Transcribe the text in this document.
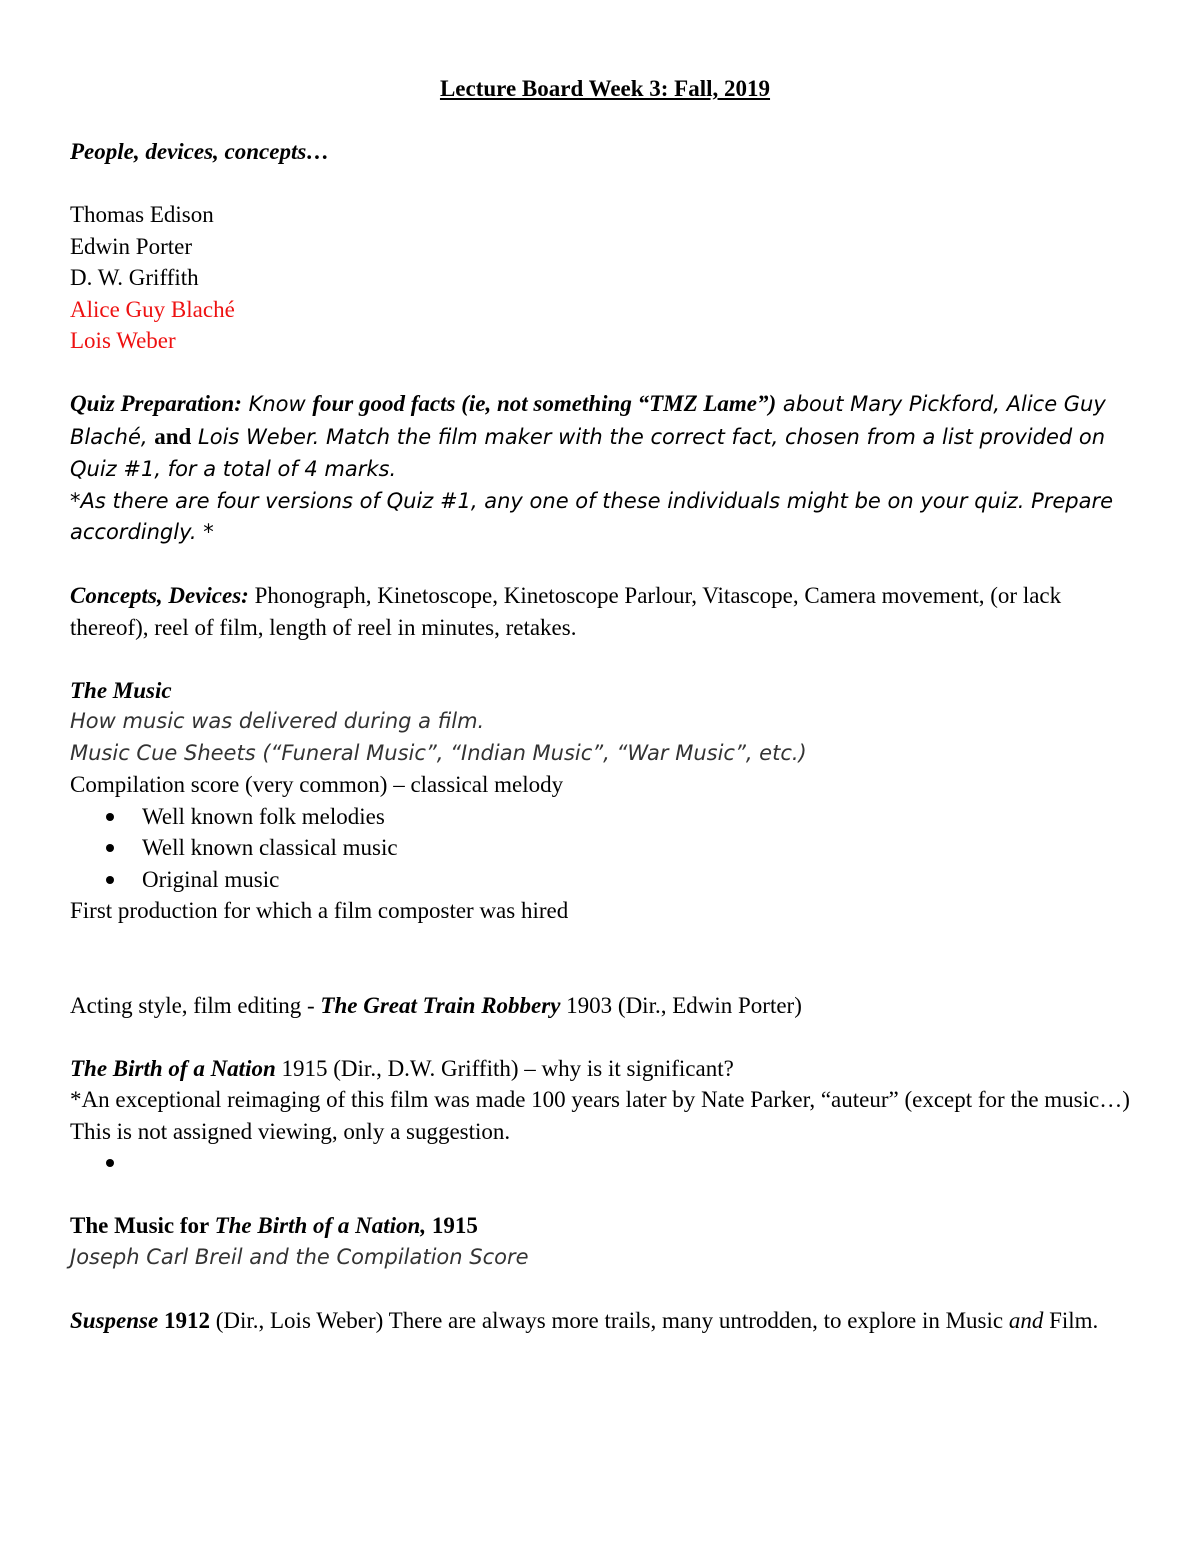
Lecture Board Week 3: Fall, 2019

People, devices, concepts…

Thomas Edison

Edwin Porter

D. W. Griffith

Alice Guy Blaché

Lois Weber

Quiz Preparation: Know four good facts (ie, not something “TMZ Lame”) about Mary Pickford, Alice Guy Blaché, and Lois Weber. Match the film maker with the correct fact, chosen from a list provided on Quiz #1, for a total of 4 marks.

*As there are four versions of Quiz #1, any one of these individuals might be on your quiz. Prepare accordingly. *

Concepts, Devices: Phonograph, Kinetoscope, Kinetoscope Parlour, Vitascope, Camera movement, (or lack thereof), reel of film, length of reel in minutes, retakes.

The Music

How music was delivered during a film.

Music Cue Sheets (“Funeral Music”, “Indian Music”, “War Music”, etc.)

Compilation score (very common) – classical melody

Well known folk melodies
Well known classical music
Original music

First production for which a film composter was hired

Acting style, film editing - The Great Train Robbery 1903 (Dir., Edwin Porter)

The Birth of a Nation 1915 (Dir., D.W. Griffith) – why is it significant?

*An exceptional reimaging of this film was made 100 years later by Nate Parker, “auteur” (except for the music…) This is not assigned viewing, only a suggestion.

The Music for The Birth of a Nation, 1915

Joseph Carl Breil and the Compilation Score

Suspense 1912 (Dir., Lois Weber) There are always more trails, many untrodden, to explore in Music and Film.
